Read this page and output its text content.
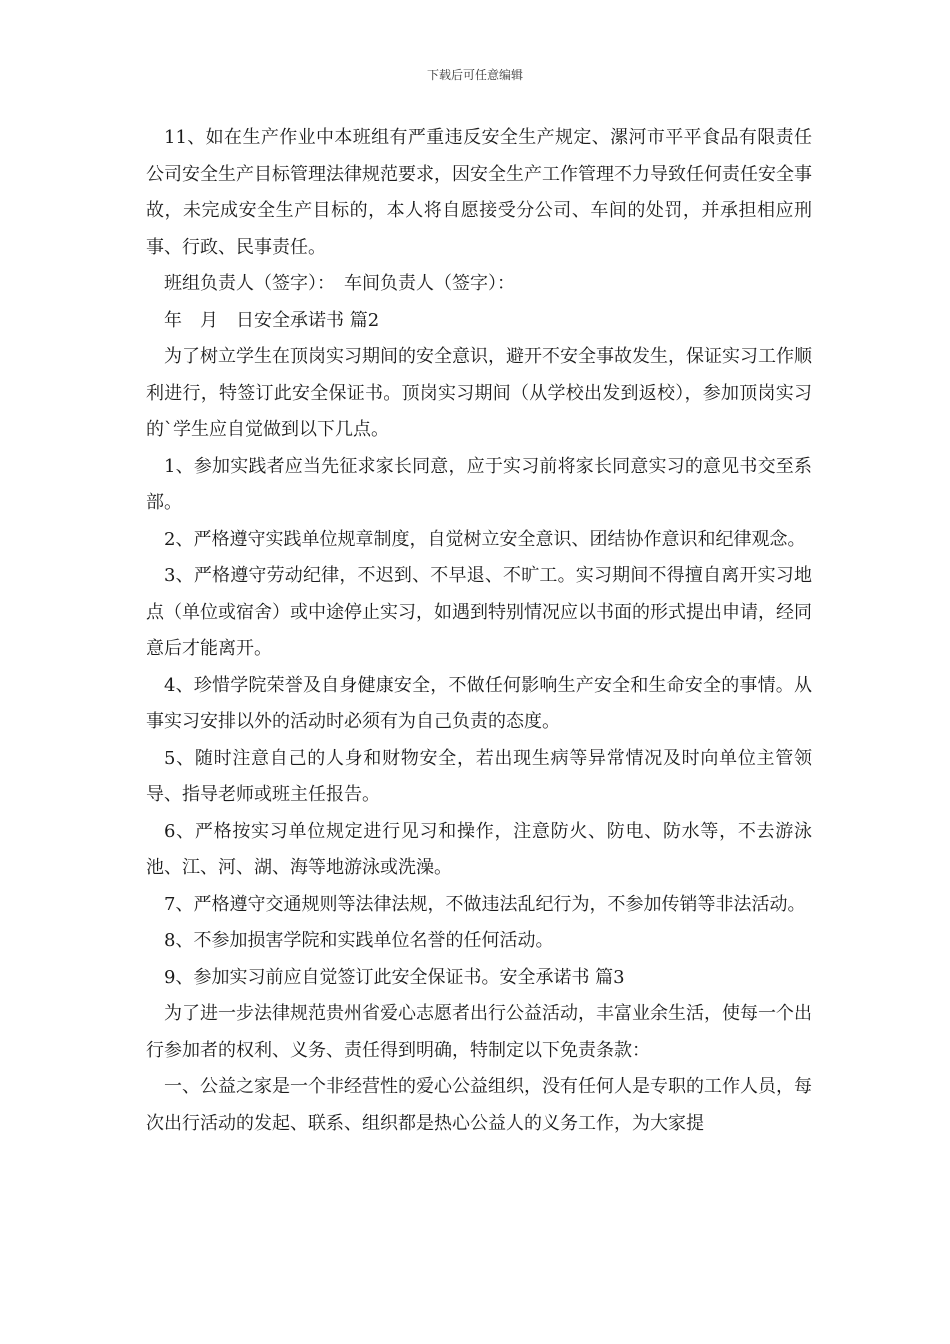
下载后可任意编辑

11、如在生产作业中本班组有严重违反安全生产规定、漯河市平平食品有限责任公司安全生产目标管理法律规范要求，因安全生产工作管理不力导致任何责任安全事故，未完成安全生产目标的，本人将自愿接受分公司、车间的处罚，并承担相应刑事、行政、民事责任。

班组负责人（签字）：　车间负责人（签字）：

年　月　日安全承诺书 篇2

为了树立学生在顶岗实习期间的安全意识，避开不安全事故发生，保证实习工作顺利进行，特签订此安全保证书。顶岗实习期间（从学校出发到返校），参加顶岗实习的`学生应自觉做到以下几点。

1、参加实践者应当先征求家长同意，应于实习前将家长同意实习的意见书交至系部。

2、严格遵守实践单位规章制度，自觉树立安全意识、团结协作意识和纪律观念。

3、严格遵守劳动纪律，不迟到、不早退、不旷工。实习期间不得擅自离开实习地点（单位或宿舍）或中途停止实习，如遇到特别情况应以书面的形式提出申请，经同意后才能离开。

4、珍惜学院荣誉及自身健康安全，不做任何影响生产安全和生命安全的事情。从事实习安排以外的活动时必须有为自己负责的态度。

5、随时注意自己的人身和财物安全，若出现生病等异常情况及时向单位主管领导、指导老师或班主任报告。

6、严格按实习单位规定进行见习和操作，注意防火、防电、防水等，不去游泳池、江、河、湖、海等地游泳或洗澡。

7、严格遵守交通规则等法律法规，不做违法乱纪行为，不参加传销等非法活动。

8、不参加损害学院和实践单位名誉的任何活动。

9、参加实习前应自觉签订此安全保证书。安全承诺书 篇3

为了进一步法律规范贵州省爱心志愿者出行公益活动，丰富业余生活，使每一个出行参加者的权利、义务、责任得到明确，特制定以下免责条款：

一、公益之家是一个非经营性的爱心公益组织，没有任何人是专职的工作人员，每次出行活动的发起、联系、组织都是热心公益人的义务工作，为大家提
